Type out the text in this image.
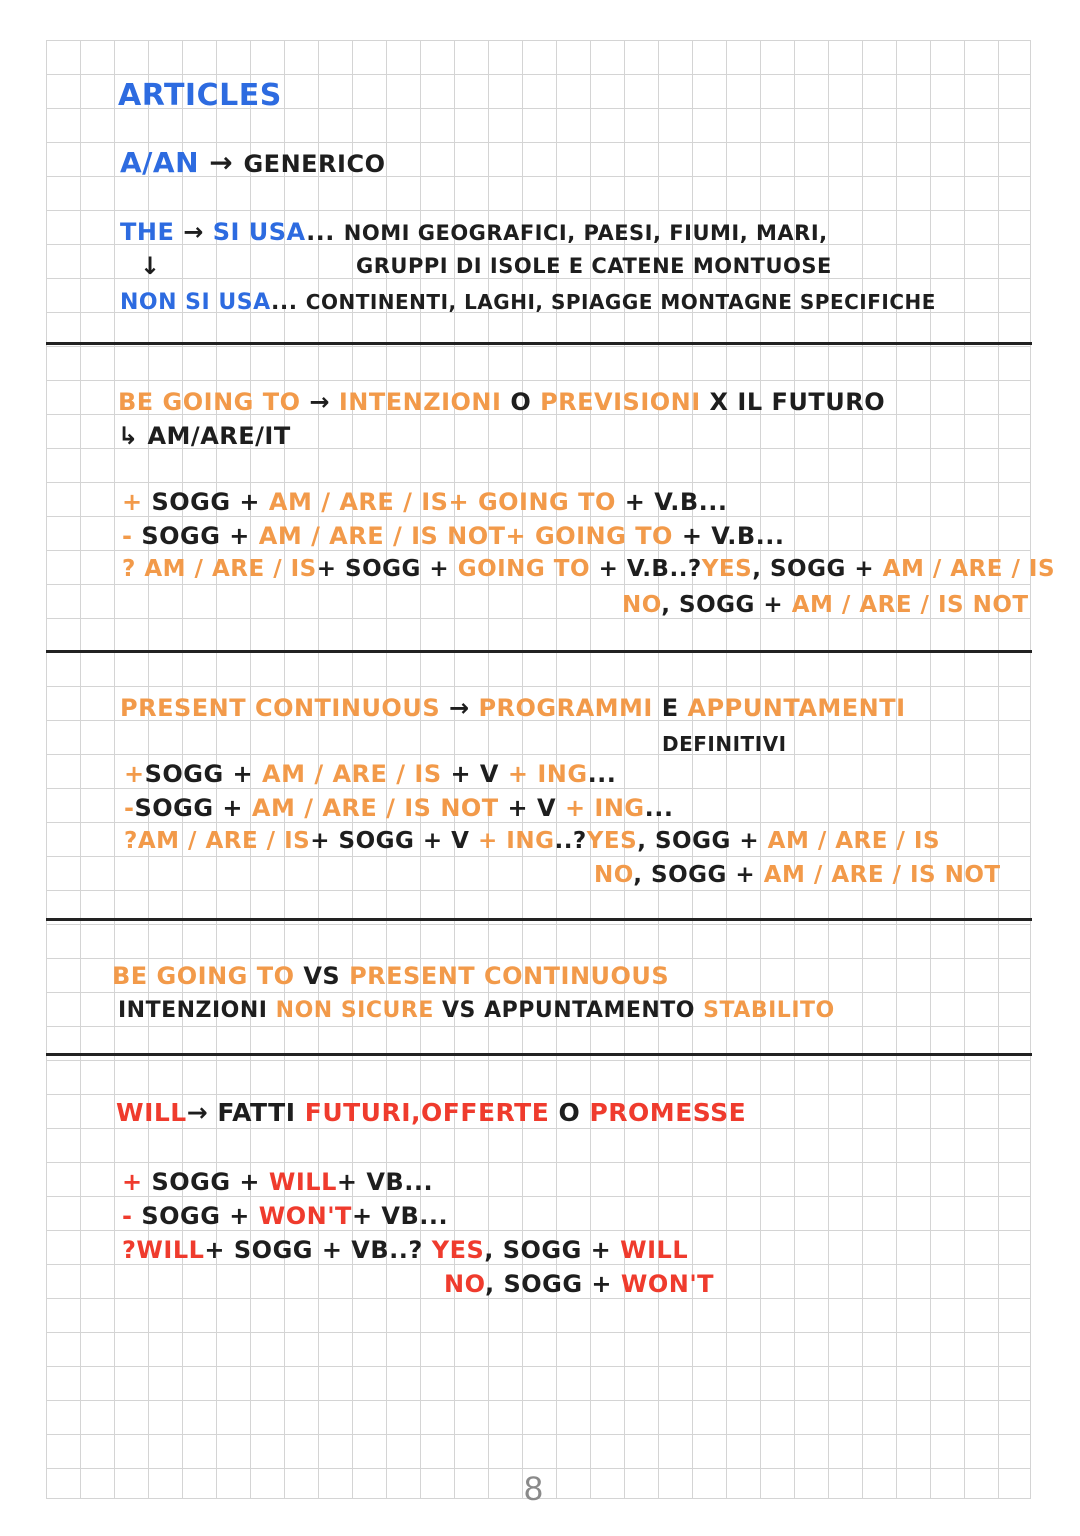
ARTICLES
A/AN → GENERICO
THE → SI USA... NOMI GEOGRAFICI, PAESI, FIUMI, MARI,
↓	GRUPPI DI ISOLE E CATENE MONTUOSE
NON SI USA... CONTINENTI, LAGHI, SPIAGGE MONTAGNE SPECIFICHE
BE GOING TO → INTENZIONI O PREVISIONI X IL FUTURO
↳ AM/ARE/IT
+ SOGG + AM / ARE / IS+ GOING TO + V.B...
- SOGG + AM / ARE / IS NOT+ GOING TO + V.B...
? AM / ARE / IS+ SOGG + GOING TO + V.B..?YES, SOGG + AM / ARE / IS
NO, SOGG + AM / ARE / IS NOT
PRESENT CONTINUOUS → PROGRAMMI E APPUNTAMENTI
DEFINITIVI
+SOGG + AM / ARE / IS + V + ING...
-SOGG + AM / ARE / IS NOT + V + ING...
?AM / ARE / IS+ SOGG + V + ING..?YES, SOGG + AM / ARE / IS
NO, SOGG + AM / ARE / IS NOT
BE GOING TO VS PRESENT CONTINUOUS
INTENZIONI NON SICURE VS APPUNTAMENTO STABILITO
WILL→ FATTI FUTURI,OFFERTE O PROMESSE
+ SOGG + WILL+ VB...
- SOGG + WON'T+ VB...
?WILL+ SOGG + VB..? YES, SOGG + WILL
NO, SOGG + WON'T
8
